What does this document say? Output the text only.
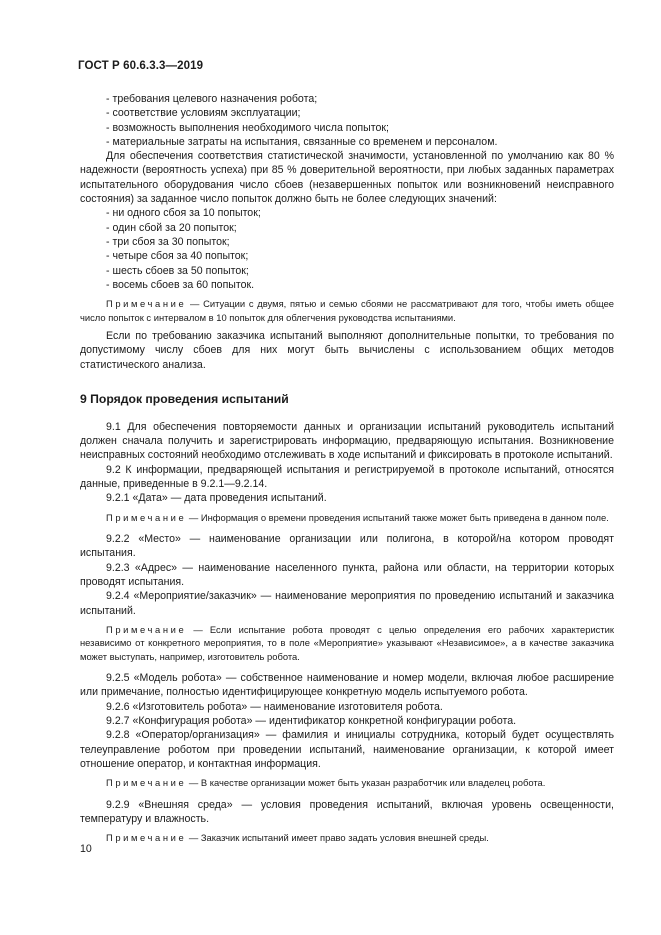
ГОСТ Р 60.6.3.3—2019

- требования целевого назначения робота;

- соответствие условиям эксплуатации;

- возможность выполнения необходимого числа попыток;

- материальные затраты на испытания, связанные со временем и персоналом.

Для обеспечения соответствия статистической значимости, установленной по умолчанию как 80 % надежности (вероятность успеха) при 85 % доверительной вероятности, при любых заданных параметрах испытательного оборудования число сбоев (незавершенных попыток или возникновений неисправного состояния) за заданное число попыток должно быть не более следующих значений:

- ни одного сбоя за 10 попыток;

- один сбой за 20 попыток;

- три сбоя за 30 попыток;

- четыре сбоя за 40 попыток;

- шесть сбоев за 50 попыток;

- восемь сбоев за 60 попыток.

Примечание — Ситуации с двумя, пятью и семью сбоями не рассматривают для того, чтобы иметь общее число попыток с интервалом в 10 попыток для облегчения руководства испытаниями.

Если по требованию заказчика испытаний выполняют дополнительные попытки, то требования по допустимому числу сбоев для них могут быть вычислены с использованием общих методов статистического анализа.

9 Порядок проведения испытаний

9.1 Для обеспечения повторяемости данных и организации испытаний руководитель испытаний должен сначала получить и зарегистрировать информацию, предваряющую испытания. Возникновение неисправных состояний необходимо отслеживать в ходе испытаний и фиксировать в протоколе испытаний.

9.2 К информации, предваряющей испытания и регистрируемой в протоколе испытаний, относятся данные, приведенные в 9.2.1—9.2.14.

9.2.1 «Дата» — дата проведения испытаний.

Примечание — Информация о времени проведения испытаний также может быть приведена в данном поле.

9.2.2 «Место» — наименование организации или полигона, в которой/на котором проводят испытания.

9.2.3 «Адрес» — наименование населенного пункта, района или области, на территории которых проводят испытания.

9.2.4 «Мероприятие/заказчик» — наименование мероприятия по проведению испытаний и заказчика испытаний.

Примечание — Если испытание робота проводят с целью определения его рабочих характеристик независимо от конкретного мероприятия, то в поле «Мероприятие» указывают «Независимое», а в качестве заказчика может выступать, например, изготовитель робота.

9.2.5 «Модель робота» — собственное наименование и номер модели, включая любое расширение или примечание, полностью идентифицирующее конкретную модель испытуемого робота.

9.2.6 «Изготовитель робота» — наименование изготовителя робота.

9.2.7 «Конфигурация робота» — идентификатор конкретной конфигурации робота.

9.2.8 «Оператор/организация» — фамилия и инициалы сотрудника, который будет осуществлять телеуправление роботом при проведении испытаний, наименование организации, к которой имеет отношение оператор, и контактная информация.

Примечание — В качестве организации может быть указан разработчик или владелец робота.

9.2.9 «Внешняя среда» — условия проведения испытаний, включая уровень освещенности, температуру и влажность.

Примечание — Заказчик испытаний имеет право задать условия внешней среды.

10
